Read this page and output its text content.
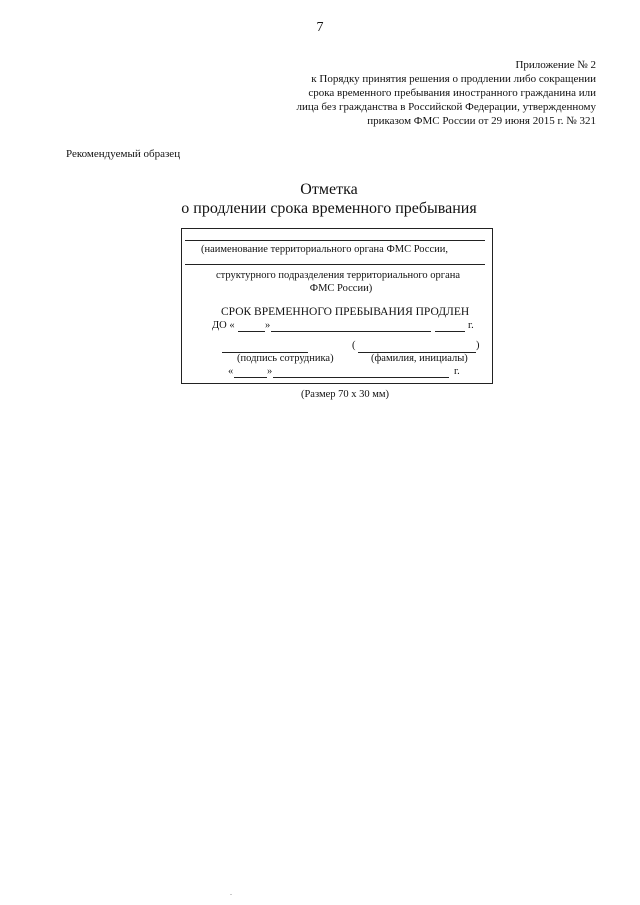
7
Приложение № 2
к Порядку принятия решения о продлении либо сокращении
срока временного пребывания иностранного гражданина или
лица без гражданства в Российской Федерации, утвержденному
приказом ФМС России от 29 июня 2015 г. № 321
Рекомендуемый образец
Отметка
о продлении срока временного пребывания
(наименование территориального органа ФМС России,
структурного подразделения территориального органа
ФМС России)
СРОК ВРЕМЕННОГО ПРЕБЫВАНИЯ ПРОДЛЕН
ДО «	»	г.
(	)
(подпись сотрудника)	(фамилия, инициалы)
«	»	г.
(Размер 70 х 30 мм)
.
